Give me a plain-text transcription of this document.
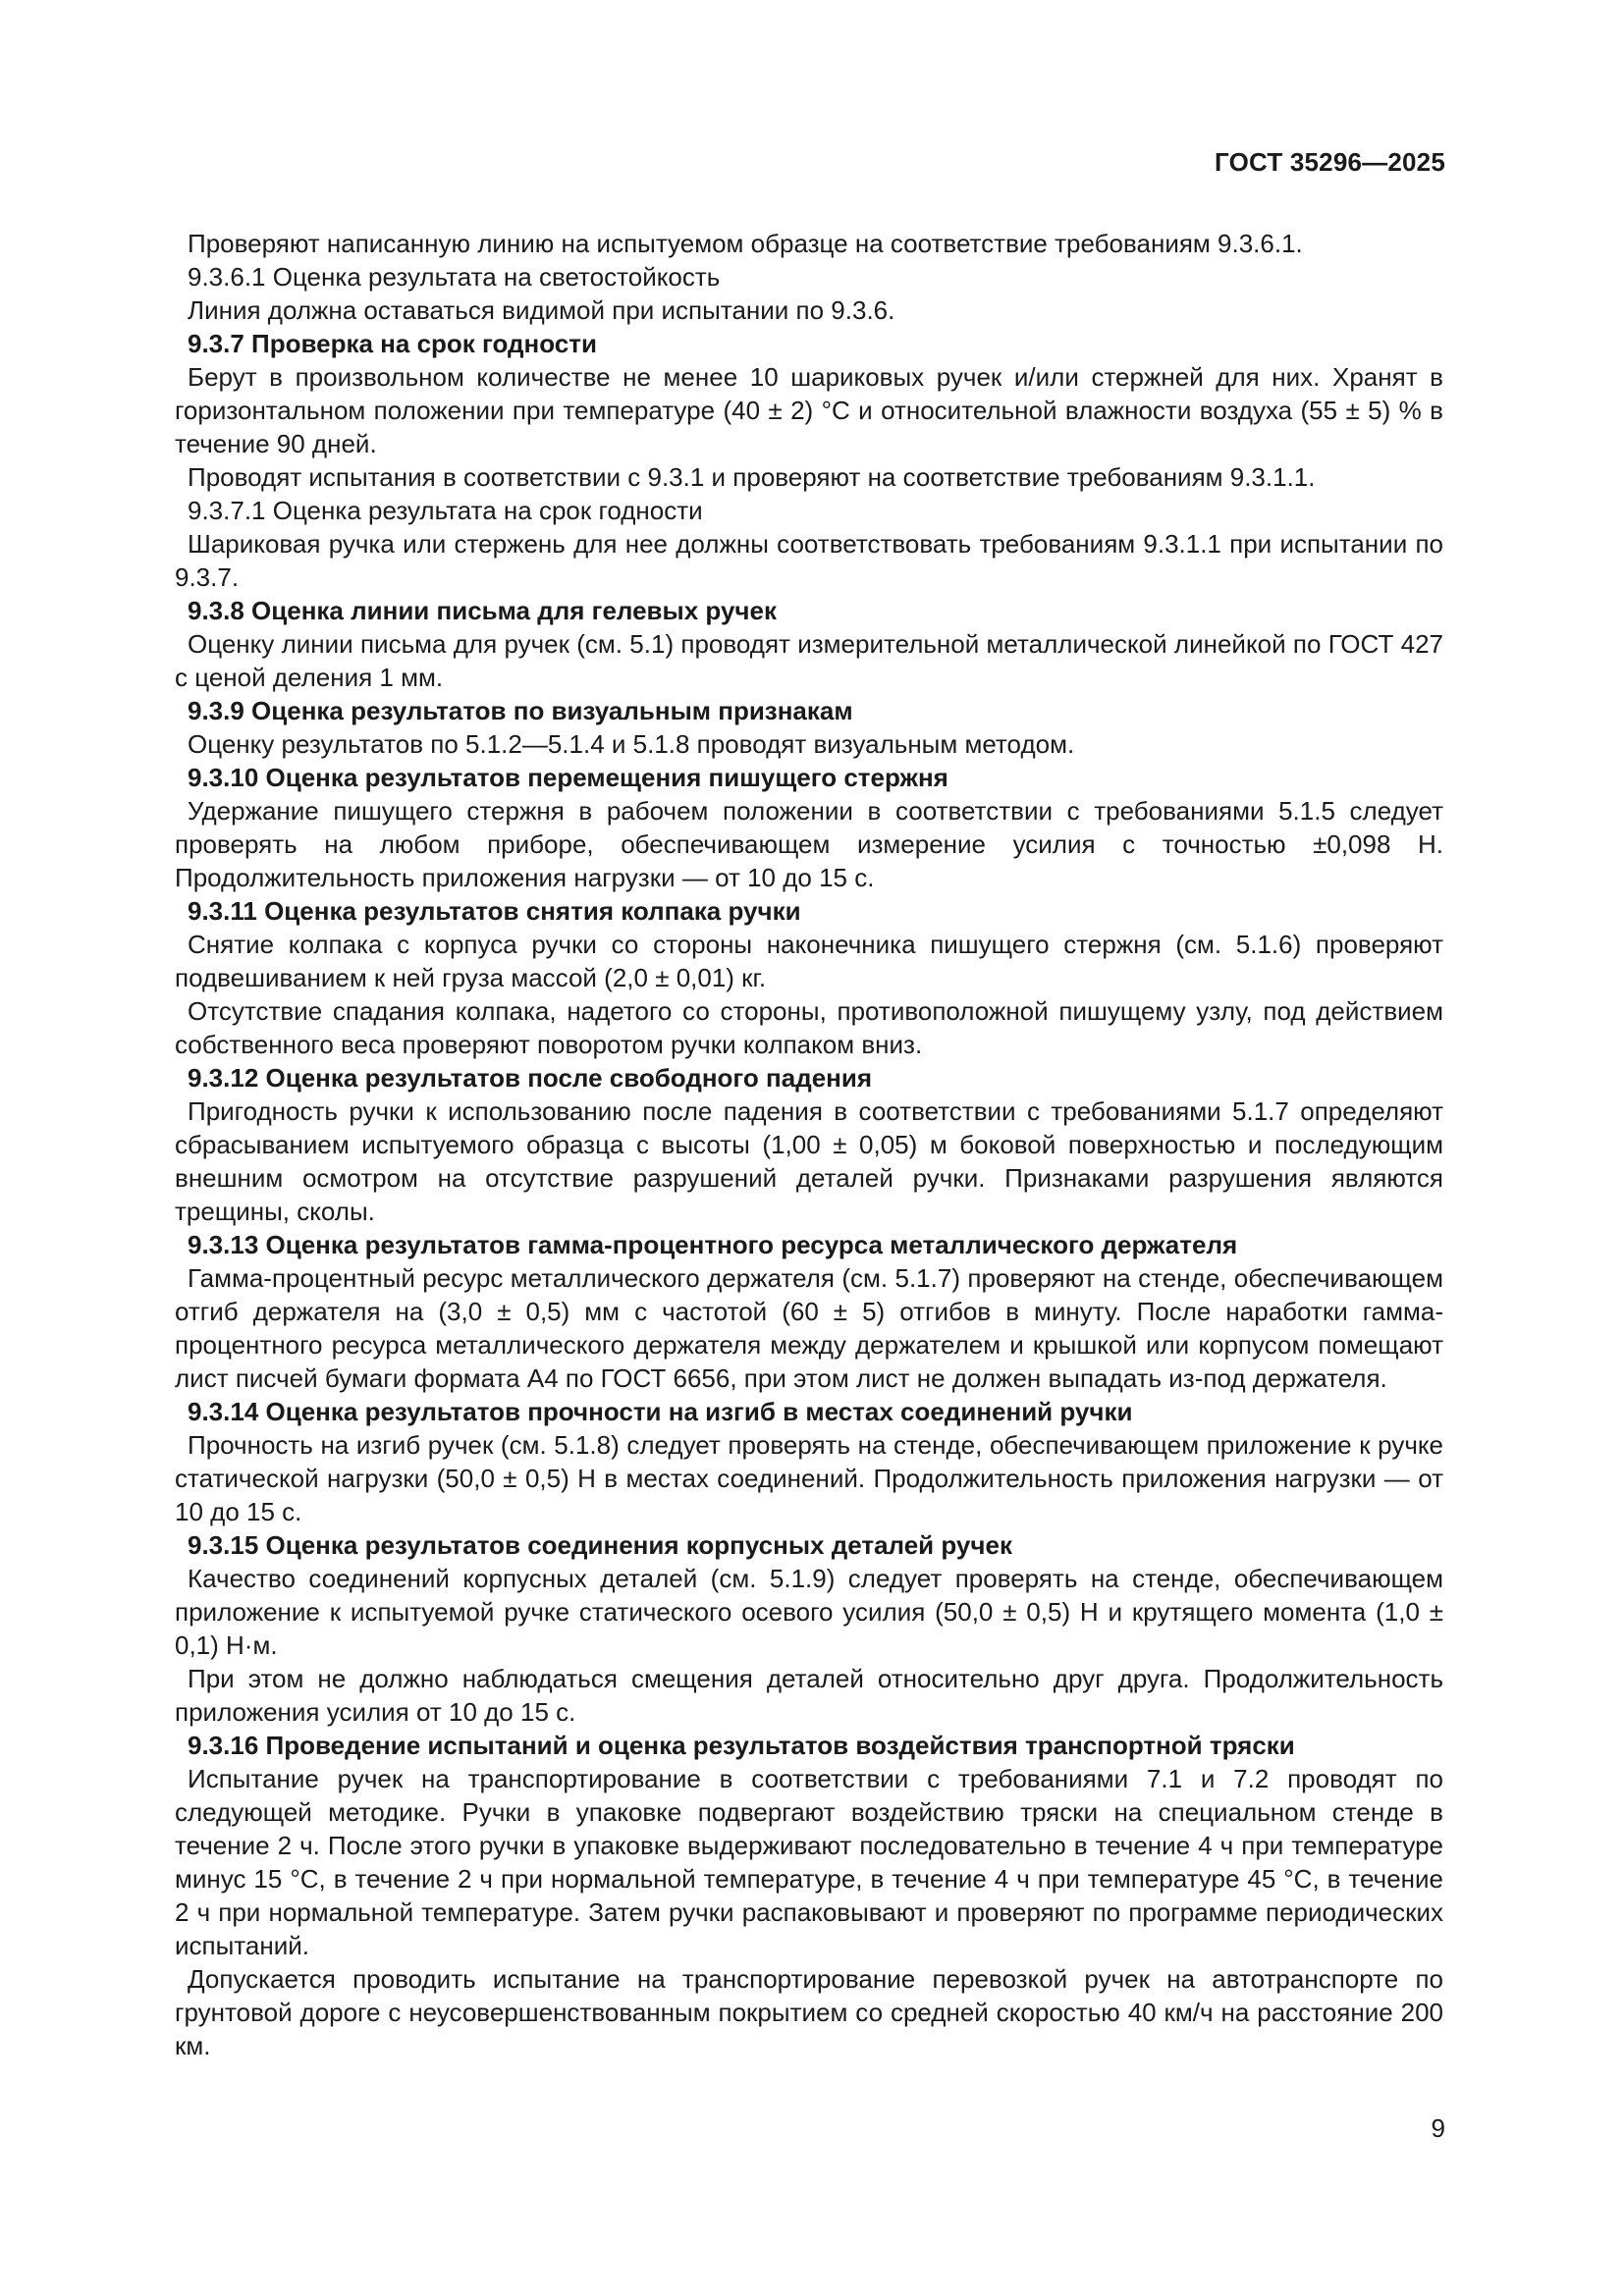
ГОСТ 35296—2025

Проверяют написанную линию на испытуемом образце на соответствие требованиям 9.3.6.1.

9.3.6.1 Оценка результата на светостойкость

Линия должна оставаться видимой при испытании по 9.3.6.

9.3.7 Проверка на срок годности

Берут в произвольном количестве не менее 10 шариковых ручек и/или стержней для них. Хранят в горизонтальном положении при температуре (40 ± 2) °С и относительной влажности воздуха (55 ± 5) % в течение 90 дней.

Проводят испытания в соответствии с 9.3.1 и проверяют на соответствие требованиям 9.3.1.1.

9.3.7.1 Оценка результата на срок годности

Шариковая ручка или стержень для нее должны соответствовать требованиям 9.3.1.1 при испытании по 9.3.7.

9.3.8 Оценка линии письма для гелевых ручек

Оценку линии письма для ручек (см. 5.1) проводят измерительной металлической линейкой по ГОСТ 427 с ценой деления 1 мм.

9.3.9 Оценка результатов по визуальным признакам

Оценку результатов по 5.1.2—5.1.4 и 5.1.8 проводят визуальным методом.

9.3.10 Оценка результатов перемещения пишущего стержня

Удержание пишущего стержня в рабочем положении в соответствии с требованиями 5.1.5 следует проверять на любом приборе, обеспечивающем измерение усилия с точностью ±0,098 Н. Продолжительность приложения нагрузки — от 10 до 15 с.

9.3.11 Оценка результатов снятия колпака ручки

Снятие колпака с корпуса ручки со стороны наконечника пишущего стержня (см. 5.1.6) проверяют подвешиванием к ней груза массой (2,0 ± 0,01) кг.

Отсутствие спадания колпака, надетого со стороны, противоположной пишущему узлу, под действием собственного веса проверяют поворотом ручки колпаком вниз.

9.3.12 Оценка результатов после свободного падения

Пригодность ручки к использованию после падения в соответствии с требованиями 5.1.7 определяют сбрасыванием испытуемого образца с высоты (1,00 ± 0,05) м боковой поверхностью и последующим внешним осмотром на отсутствие разрушений деталей ручки. Признаками разрушения являются трещины, сколы.

9.3.13 Оценка результатов гамма-процентного ресурса металлического держателя

Гамма-процентный ресурс металлического держателя (см. 5.1.7) проверяют на стенде, обеспечивающем отгиб держателя на (3,0 ± 0,5) мм с частотой (60 ± 5) отгибов в минуту. После наработки гамма-процентного ресурса металлического держателя между держателем и крышкой или корпусом помещают лист писчей бумаги формата А4 по ГОСТ 6656, при этом лист не должен выпадать из-под держателя.

9.3.14 Оценка результатов прочности на изгиб в местах соединений ручки

Прочность на изгиб ручек (см. 5.1.8) следует проверять на стенде, обеспечивающем приложение к ручке статической нагрузки (50,0 ± 0,5) Н в местах соединений. Продолжительность приложения нагрузки — от 10 до 15 с.

9.3.15 Оценка результатов соединения корпусных деталей ручек

Качество соединений корпусных деталей (см. 5.1.9) следует проверять на стенде, обеспечивающем приложение к испытуемой ручке статического осевого усилия (50,0 ± 0,5) Н и крутящего момента (1,0 ± 0,1) Н·м.

При этом не должно наблюдаться смещения деталей относительно друг друга. Продолжительность приложения усилия от 10 до 15 с.

9.3.16 Проведение испытаний и оценка результатов воздействия транспортной тряски

Испытание ручек на транспортирование в соответствии с требованиями 7.1 и 7.2 проводят по следующей методике. Ручки в упаковке подвергают воздействию тряски на специальном стенде в течение 2 ч. После этого ручки в упаковке выдерживают последовательно в течение 4 ч при температуре минус 15 °С, в течение 2 ч при нормальной температуре, в течение 4 ч при температуре 45 °С, в течение 2 ч при нормальной температуре. Затем ручки распаковывают и проверяют по программе периодических испытаний.

Допускается проводить испытание на транспортирование перевозкой ручек на автотранспорте по грунтовой дороге с неусовершенствованным покрытием со средней скоростью 40 км/ч на расстояние 200 км.

9
